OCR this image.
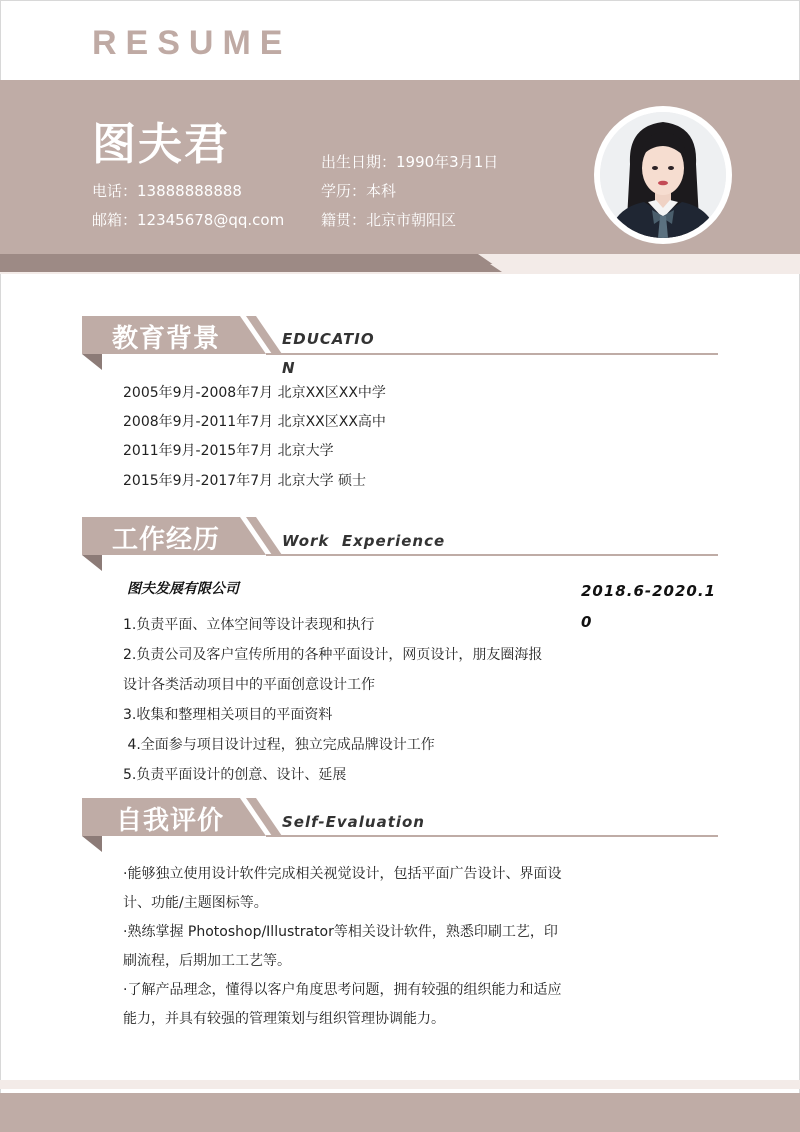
RESUME
图夫君
电话：13888888888
邮箱：12345678@qq.com
出生日期：1990年3月1日
学历：本科
籍贯：北京市朝阳区
教育背景	EDUCATION
2005年9月-2008年7月 北京XX区XX中学
2008年9月-2011年7月 北京XX区XX高中
2011年9月-2015年7月 北京大学
2015年9月-2017年7月 北京大学 硕士
工作经历	Work  Experience
图夫发展有限公司	2018.6-2020.10
1.负责平面、立体空间等设计表现和执行
2.负责公司及客户宣传所用的各种平面设计，网页设计，朋友圈海报
设计各类活动项目中的平面创意设计工作
3.收集和整理相关项目的平面资料
4.全面参与项目设计过程，独立完成品牌设计工作
5.负责平面设计的创意、设计、延展
自我评价	Self-Evaluation

·能够独立使用设计软件完成相关视觉设计，包括平面广告设计、界面设计、功能/主题图标等。

·熟练掌握 Photoshop/Illustrator等相关设计软件，熟悉印刷工艺，印刷流程，后期加工工艺等。

·了解产品理念，懂得以客户角度思考问题，拥有较强的组织能力和适应能力，并具有较强的管理策划与组织管理协调能力。
